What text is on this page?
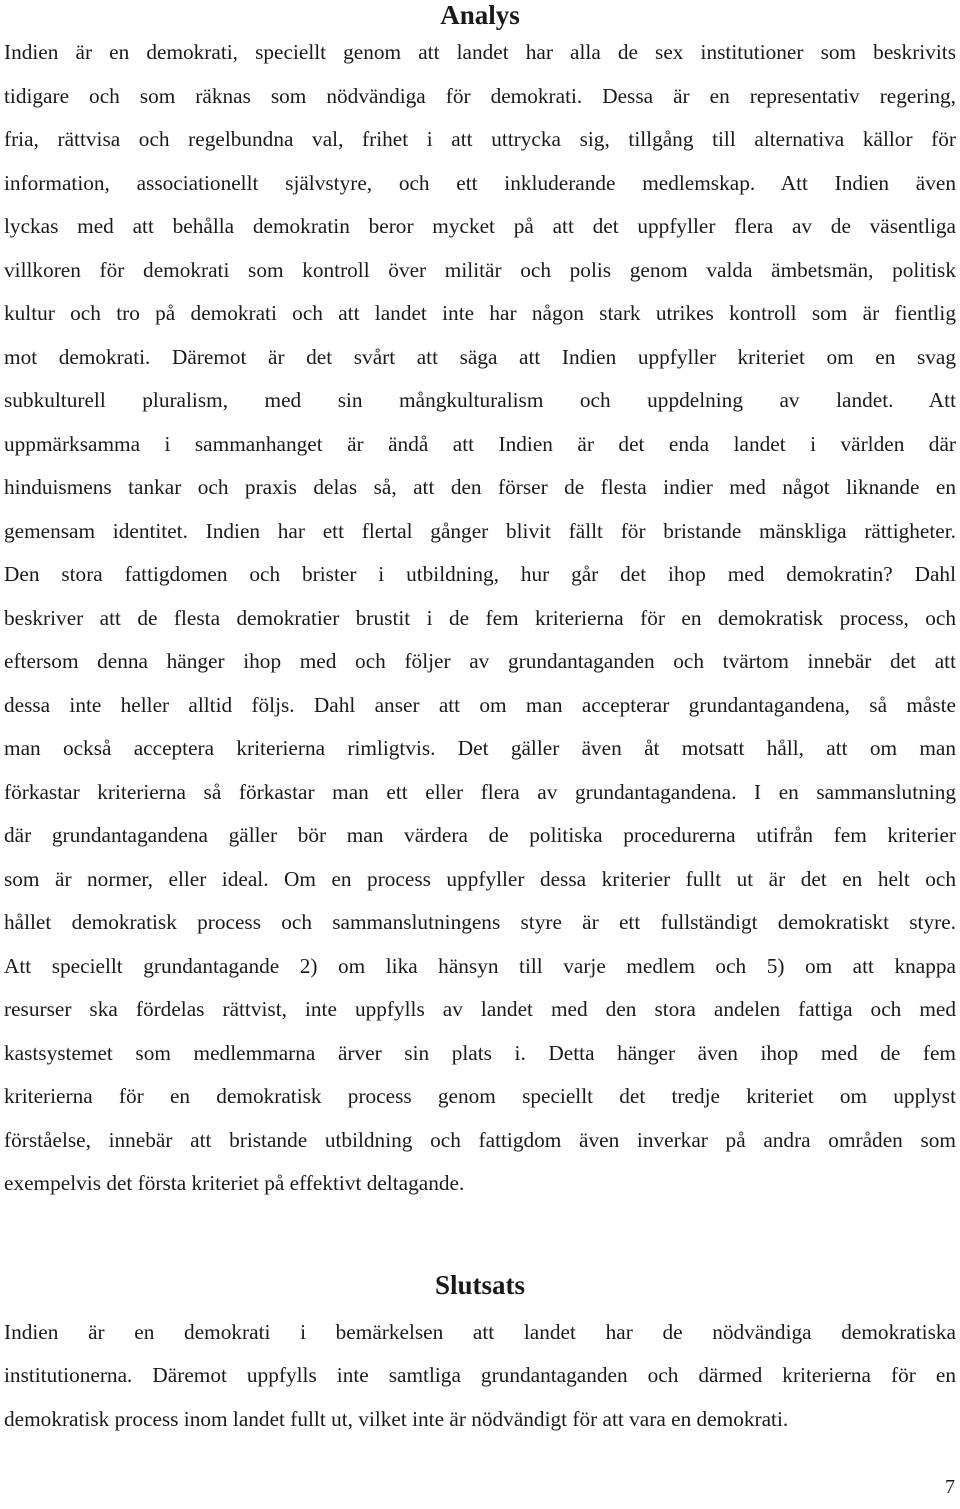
Analys
Indien är en demokrati, speciellt genom att landet har alla de sex institutioner som beskrivits
tidigare och som räknas som nödvändiga för demokrati. Dessa är en representativ regering,
fria, rättvisa och regelbundna val, frihet i att uttrycka sig, tillgång till alternativa källor för
information, associationellt självstyre, och ett inkluderande medlemskap. Att Indien även
lyckas med att behålla demokratin beror mycket på att det uppfyller flera av de väsentliga
villkoren för demokrati som kontroll över militär och polis genom valda ämbetsmän, politisk
kultur och tro på demokrati och att landet inte har någon stark utrikes kontroll som är fientlig
mot demokrati. Däremot är det svårt att säga att Indien uppfyller kriteriet om en svag
subkulturell pluralism, med sin mångkulturalism och uppdelning av landet. Att
uppmärksamma i sammanhanget är ändå att Indien är det enda landet i världen där
hinduismens tankar och praxis delas så, att den förser de flesta indier med något liknande en
gemensam identitet. Indien har ett flertal gånger blivit fällt för bristande mänskliga rättigheter.
Den stora fattigdomen och brister i utbildning, hur går det ihop med demokratin? Dahl
beskriver att de flesta demokratier brustit i de fem kriterierna för en demokratisk process, och
eftersom denna hänger ihop med och följer av grundantaganden och tvärtom innebär det att
dessa inte heller alltid följs. Dahl anser att om man accepterar grundantagandena, så måste
man också acceptera kriterierna rimligtvis. Det gäller även åt motsatt håll, att om man
förkastar kriterierna så förkastar man ett eller flera av grundantagandena. I en sammanslutning
där grundantagandena gäller bör man värdera de politiska procedurerna utifrån fem kriterier
som är normer, eller ideal. Om en process uppfyller dessa kriterier fullt ut är det en helt och
hållet demokratisk process och sammanslutningens styre är ett fullständigt demokratiskt styre.
Att speciellt grundantagande 2) om lika hänsyn till varje medlem och 5) om att knappa
resurser ska fördelas rättvist, inte uppfylls av landet med den stora andelen fattiga och med
kastsystemet som medlemmarna ärver sin plats i. Detta hänger även ihop med de fem
kriterierna för en demokratisk process genom speciellt det tredje kriteriet om upplyst
förståelse, innebär att bristande utbildning och fattigdom även inverkar på andra områden som
exempelvis det första kriteriet på effektivt deltagande.
Slutsats
Indien är en demokrati i bemärkelsen att landet har de nödvändiga demokratiska
institutionerna. Däremot uppfylls inte samtliga grundantaganden och därmed kriterierna för en
demokratisk process inom landet fullt ut, vilket inte är nödvändigt för att vara en demokrati.
7
